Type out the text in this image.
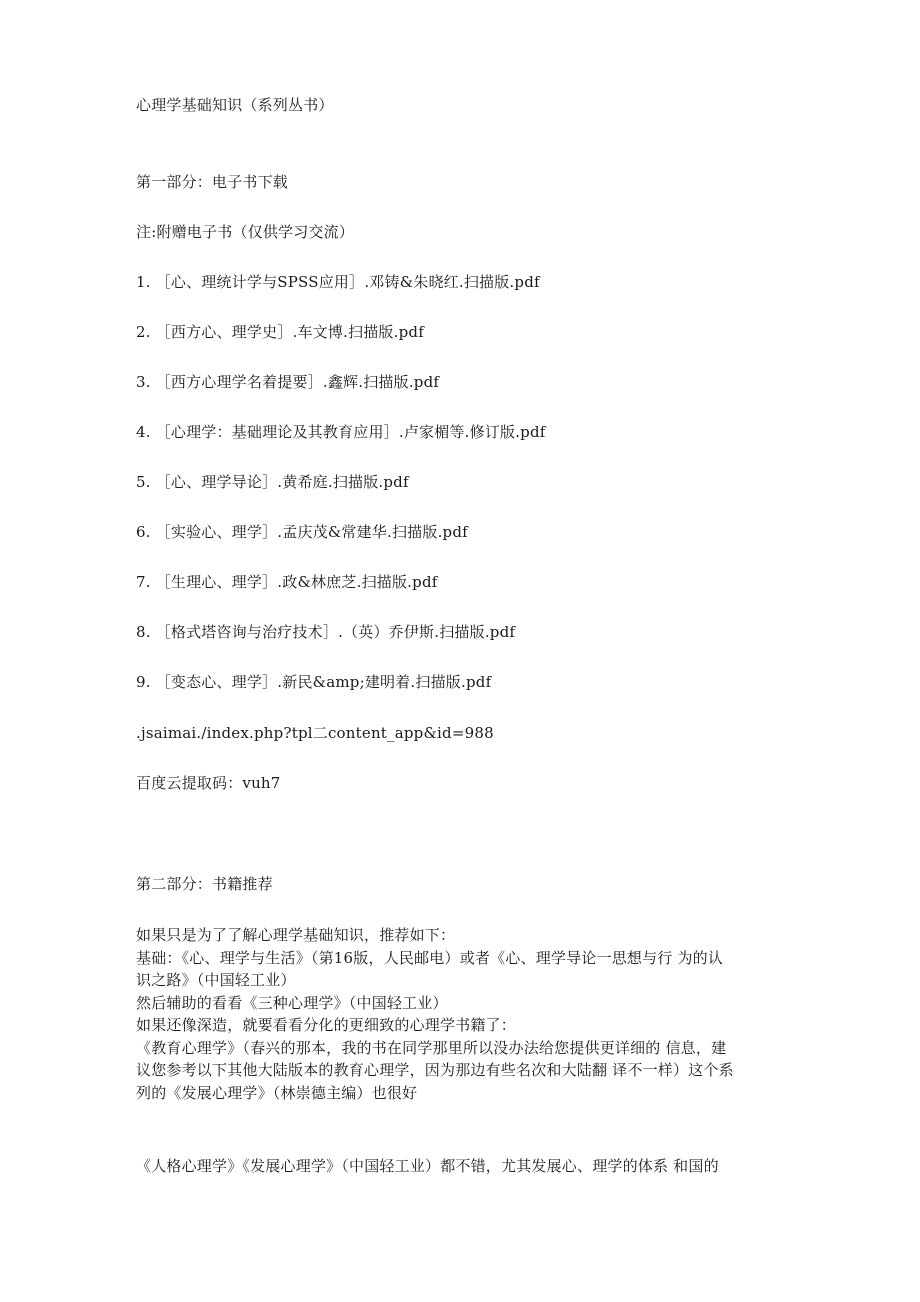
心理学基础知识（系列丛书）
第一部分：电子书下载
注:附赠电子书（仅供学习交流）
1. ［心、理统计学与SPSS应用］.邓铸&朱晓红.扫描版.pdf
2. ［西方心、理学史］.车文博.扫描版.pdf
3. ［西方心理学名着提要］.鑫辉.扫描版.pdf
4. ［心理学：基础理论及其教育应用］.卢家楣等.修订版.pdf
5. ［心、理学导论］.黄希庭.扫描版.pdf
6. ［实验心、理学］.孟庆茂&常建华.扫描版.pdf
7. ［生理心、理学］.政&林庶芝.扫描版.pdf
8. ［格式塔咨询与治疗技术］.（英）乔伊斯.扫描版.pdf
9. ［变态心、理学］.新民&amp;建明着.扫描版.pdf
.jsaimai./index.php?tpl二content_app&id=988
百度云提取码：vuh7
第二部分：书籍推荐
如果只是为了了解心理学基础知识，推荐如下：
基础：《心、理学与生活》（第16版，人民邮电）或者《心、理学导论一思想与行 为的认
识之路》（中国轻工业）
然后辅助的看看《三种心理学》（中国轻工业）
如果还像深造，就要看看分化的更细致的心理学书籍了：
《教育心理学》（春兴的那本，我的书在同学那里所以没办法给您提供更详细的 信息，建
议您参考以下其他大陆版本的教育心理学，因为那边有些名次和大陆翻 译不一样）这个系
列的《发展心理学》（林崇德主编）也很好
《人格心理学》《发展心理学》（中国轻工业）都不错，尤其发展心、理学的体系 和国的
